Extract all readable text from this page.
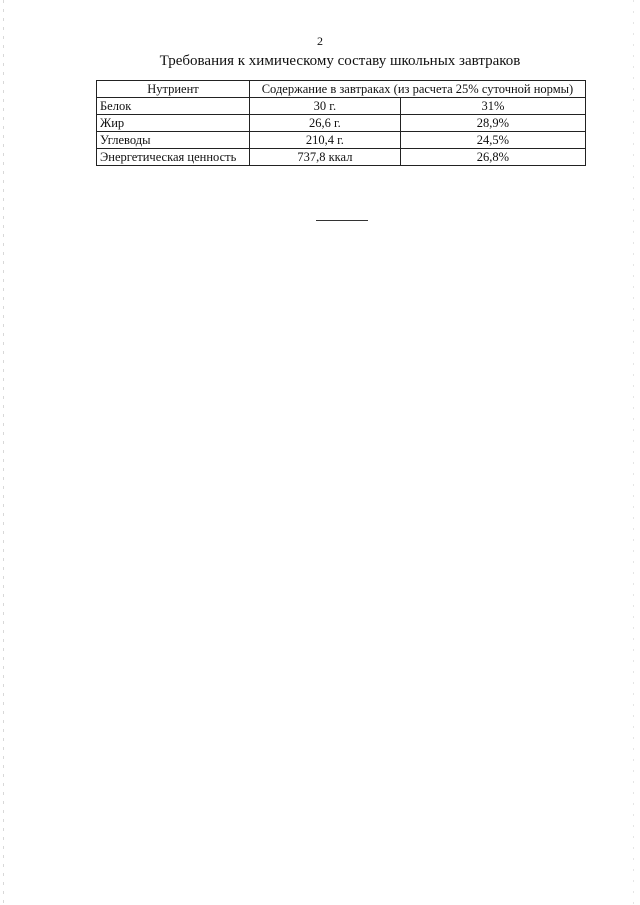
2
Требования к химическому составу школьных завтраков
Нутриент	Содержание в завтраках (из расчета 25% суточной нормы)	
Белок	30 г.	31%
Жир	26,6 г.	28,9%
Углеводы	210,4 г.	24,5%
Энергетическая ценность	737,8 ккал	26,8%
